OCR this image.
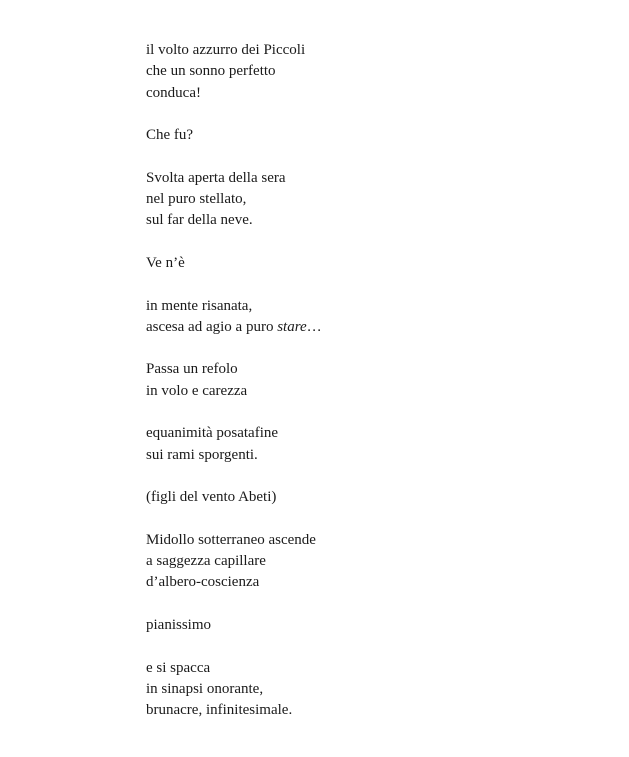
il volto azzurro dei Piccoli
che un sonno perfetto
conduca!

Che fu?

Svolta aperta della sera
nel puro stellato,
sul far della neve.

Ve n’è

in mente risanata,
ascesa ad agio a puro stare…

Passa un refolo
in volo e carezza

equanimità posatafine
sui rami sporgenti.

(figli del vento Abeti)

Midollo sotterraneo ascende
a saggezza capillare
d’albero-coscienza

pianissimo

e si spacca
in sinapsi onorante,
brunacre, infinitesimale.
